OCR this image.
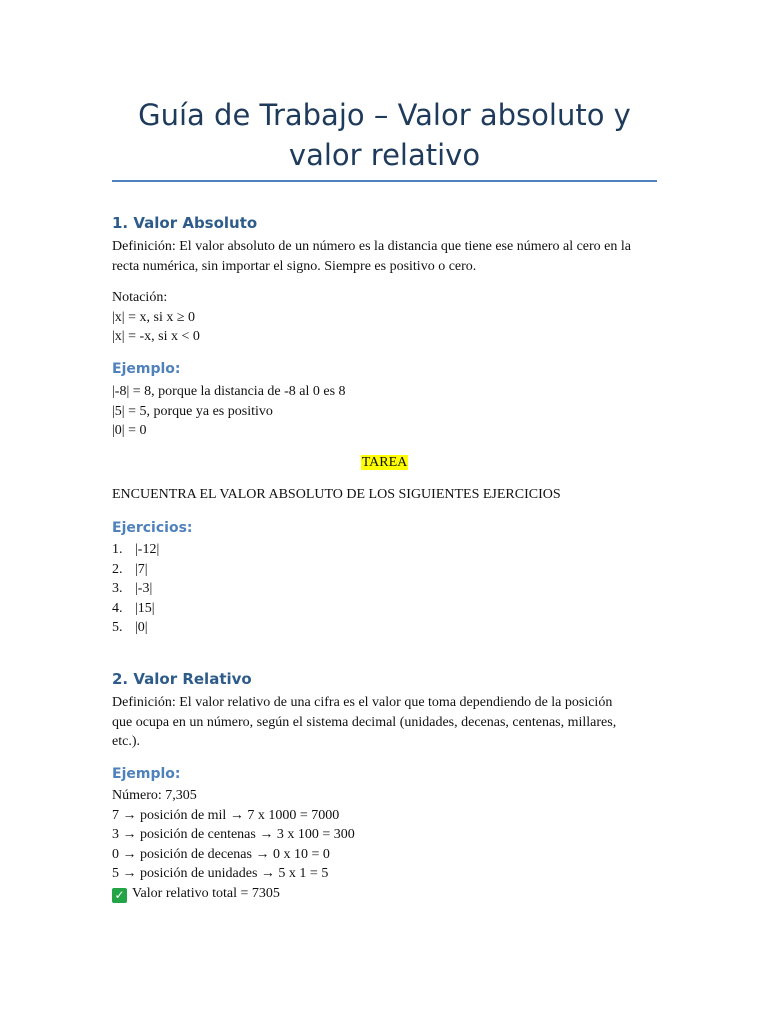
Guía de Trabajo – Valor absoluto y valor relativo
1. Valor Absoluto

Definición: El valor absoluto de un número es la distancia que tiene ese número al cero en la
recta numérica, sin importar el signo. Siempre es positivo o cero.

Notación:
|x| = x, si x ≥ 0
|x| = -x, si x < 0

Ejemplo:

|-8| = 8, porque la distancia de -8 al 0 es 8
|5| = 5, porque ya es positivo
|0| = 0

TAREA

ENCUENTRA EL VALOR ABSOLUTO DE LOS SIGUIENTES EJERCICIOS

Ejercicios:
1. |-12|
2. |7|
3. |-3|
4. |15|
5. |0|
2. Valor Relativo

Definición: El valor relativo de una cifra es el valor que toma dependiendo de la posición
que ocupa en un número, según el sistema decimal (unidades, decenas, centenas, millares,
etc.).

Ejemplo:

Número: 7,305
7 → posición de mil → 7 x 1000 = 7000
3 → posición de centenas → 3 x 100 = 300
0 → posición de decenas → 0 x 10 = 0
5 → posición de unidades → 5 x 1 = 5
✓ Valor relativo total = 7305
